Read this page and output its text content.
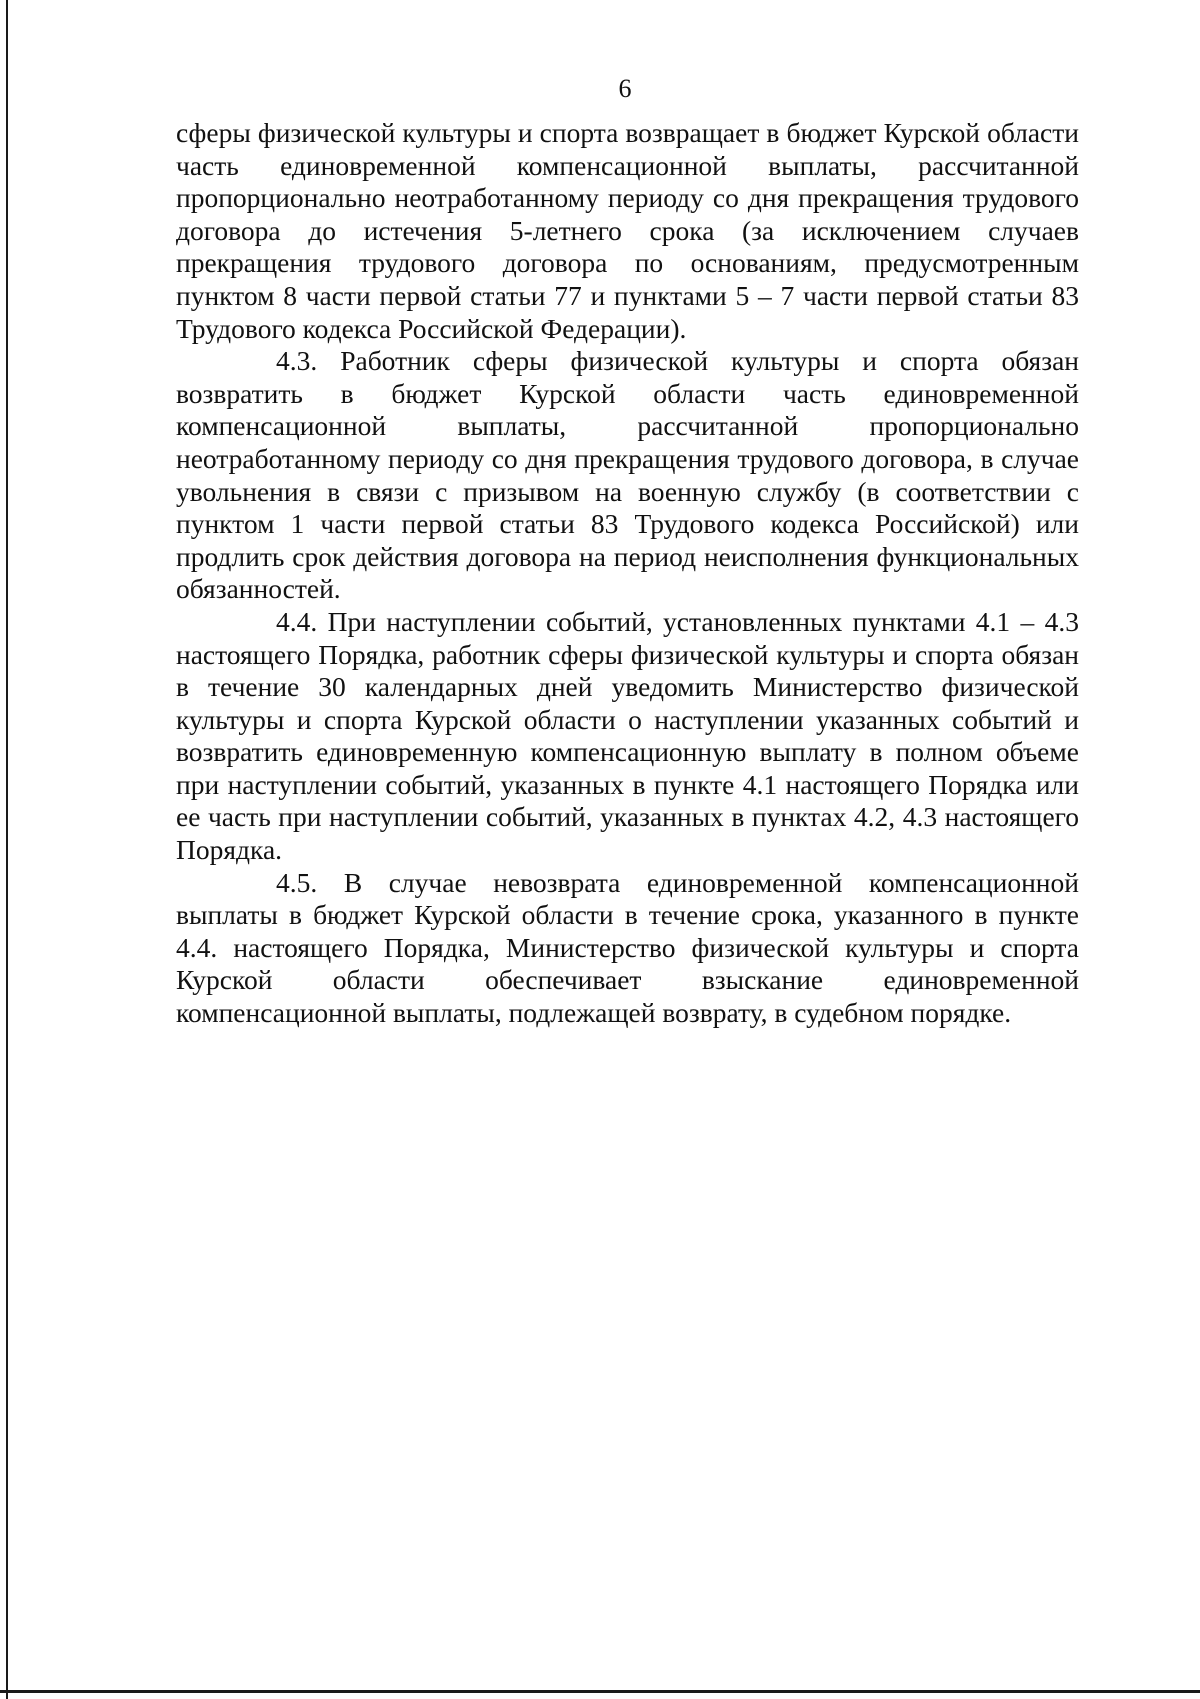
6

сферы физической культуры и спорта возвращает в бюджет Курской области часть единовременной компенсационной выплаты, рассчитанной пропорционально неотработанному периоду со дня прекращения трудового договора до истечения 5-летнего срока (за исключением случаев прекращения трудового договора по основаниям, предусмотренным пунктом 8 части первой статьи 77 и пунктами 5 – 7 части первой статьи 83 Трудового кодекса Российской Федерации).

4.3. Работник сферы физической культуры и спорта обязан возвратить в бюджет Курской области часть единовременной компенсационной выплаты, рассчитанной пропорционально неотработанному периоду со дня прекращения трудового договора, в случае увольнения в связи с призывом на военную службу (в соответствии с пунктом 1 части первой статьи 83 Трудового кодекса Российской) или продлить срок действия договора на период неисполнения функциональных обязанностей.

4.4. При наступлении событий, установленных пунктами 4.1 – 4.3 настоящего Порядка, работник сферы физической культуры и спорта обязан в течение 30 календарных дней уведомить Министерство физической культуры и спорта Курской области о наступлении указанных событий и возвратить единовременную компенсационную выплату в полном объеме при наступлении событий, указанных в пункте 4.1 настоящего Порядка или ее часть при наступлении событий, указанных в пунктах 4.2, 4.3 настоящего Порядка.

4.5. В случае невозврата единовременной компенсационной выплаты в бюджет Курской области в течение срока, указанного в пункте 4.4. настоящего Порядка, Министерство физической культуры и спорта Курской области обеспечивает взыскание единовременной компенсационной выплаты, подлежащей возврату, в судебном порядке.
